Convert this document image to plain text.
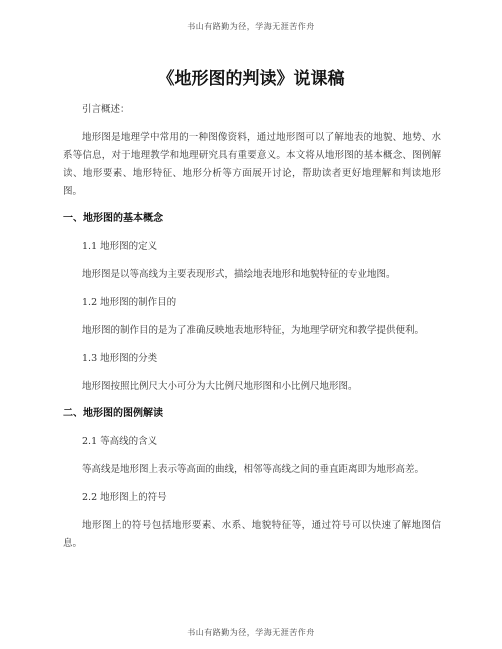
书山有路勤为径，学海无涯苦作舟
《地形图的判读》说课稿
引言概述：

地形图是地理学中常用的一种图像资料，通过地形图可以了解地表的地貌、地势、水系等信息，对于地理教学和地理研究具有重要意义。本文将从地形图的基本概念、图例解读、地形要素、地形特征、地形分析等方面展开讨论，帮助读者更好地理解和判读地形图。

一、地形图的基本概念
1.1 地形图的定义

地形图是以等高线为主要表现形式，描绘地表地形和地貌特征的专业地图。

1.2 地形图的制作目的

地形图的制作目的是为了准确反映地表地形特征，为地理学研究和教学提供便利。

1.3 地形图的分类

地形图按照比例尺大小可分为大比例尺地形图和小比例尺地形图。

二、地形图的图例解读
2.1 等高线的含义

等高线是地形图上表示等高面的曲线，相邻等高线之间的垂直距离即为地形高差。

2.2 地形图上的符号

地形图上的符号包括地形要素、水系、地貌特征等，通过符号可以快速了解地图信息。

书山有路勤为径，学海无涯苦作舟
